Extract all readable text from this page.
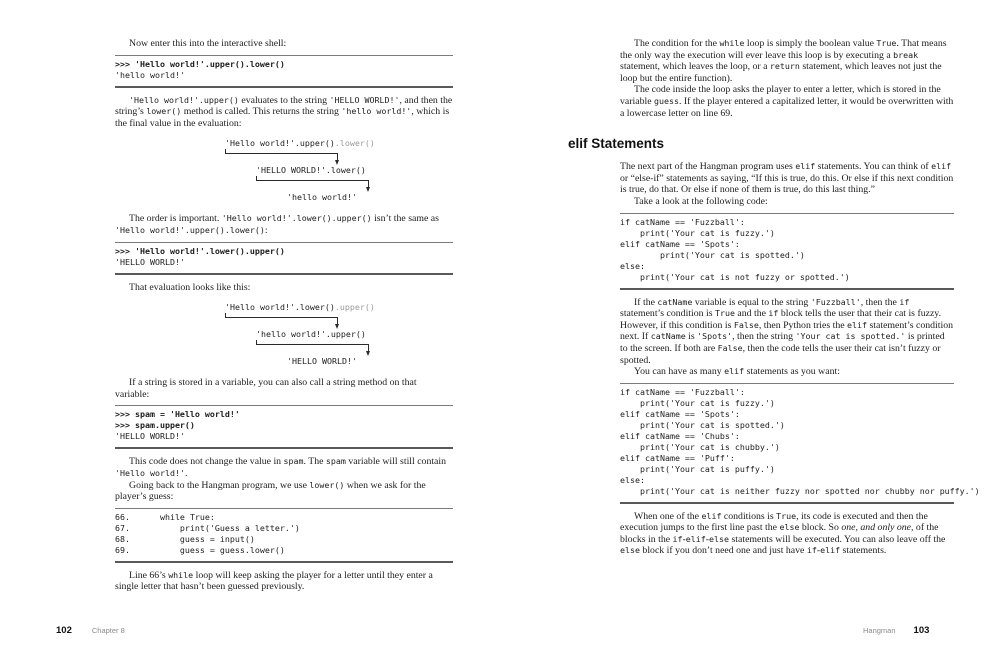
Now enter this into the interactive shell:

>>> 'Hello world!'.upper().lower()
'hello world!'

'Hello world!'.upper() evaluates to the string 'HELLO WORLD!', and then the string’s lower() method is called. This returns the string 'hello world!', which is the final value in the evaluation:

'Hello world!'.upper().lower()
'HELLO WORLD!'.lower()
'hello world!'

The order is important. 'Hello world!'.lower().upper() isn’t the same as 'Hello world!'.upper().lower():

>>> 'Hello world!'.lower().upper()
'HELLO WORLD!'

That evaluation looks like this:

'Hello world!'.lower().upper()
'hello world!'.upper()
'HELLO WORLD!'

If a string is stored in a variable, you can also call a string method on that variable:

>>> spam = 'Hello world!'
>>> spam.upper()
'HELLO WORLD!'

This code does not change the value in spam. The spam variable will still contain 'Hello world!'.

Going back to the Hangman program, we use lower() when we ask for the player’s guess:

66.      while True:
67.          print('Guess a letter.')
68.          guess = input()
69.          guess = guess.lower()

Line 66’s while loop will keep asking the player for a letter until they enter a single letter that hasn’t been guessed previously.

102	Chapter 8

The condition for the while loop is simply the boolean value True. That means the only way the execution will ever leave this loop is by executing a break statement, which leaves the loop, or a return statement, which leaves not just the loop but the entire function).

The code inside the loop asks the player to enter a letter, which is stored in the variable guess. If the player entered a capitalized letter, it would be overwritten with a lowercase letter on line 69.

elif Statements

The next part of the Hangman program uses elif statements. You can think of elif or “else-if” statements as saying, “If this is true, do this. Or else if this next condition is true, do that. Or else if none of them is true, do this last thing.”

Take a look at the following code:

if catName == 'Fuzzball':
print('Your cat is fuzzy.')
elif catName == 'Spots':
print('Your cat is spotted.')
else:
print('Your cat is not fuzzy or spotted.')

If the catName variable is equal to the string 'Fuzzball', then the if statement’s condition is True and the if block tells the user that their cat is fuzzy. However, if this condition is False, then Python tries the elif statement’s condition next. If catName is 'Spots', then the string 'Your cat is spotted.' is printed to the screen. If both are False, then the code tells the user their cat isn’t fuzzy or spotted.

You can have as many elif statements as you want:

if catName == 'Fuzzball':
print('Your cat is fuzzy.')
elif catName == 'Spots':
print('Your cat is spotted.')
elif catName == 'Chubs':
print('Your cat is chubby.')
elif catName == 'Puff':
print('Your cat is puffy.')
else:
print('Your cat is neither fuzzy nor spotted nor chubby nor puffy.')

When one of the elif conditions is True, its code is executed and then the execution jumps to the first line past the else block. So one, and only one, of the blocks in the if-elif-else statements will be executed. You can also leave off the else block if you don’t need one and just have if-elif statements.

Hangman 103
